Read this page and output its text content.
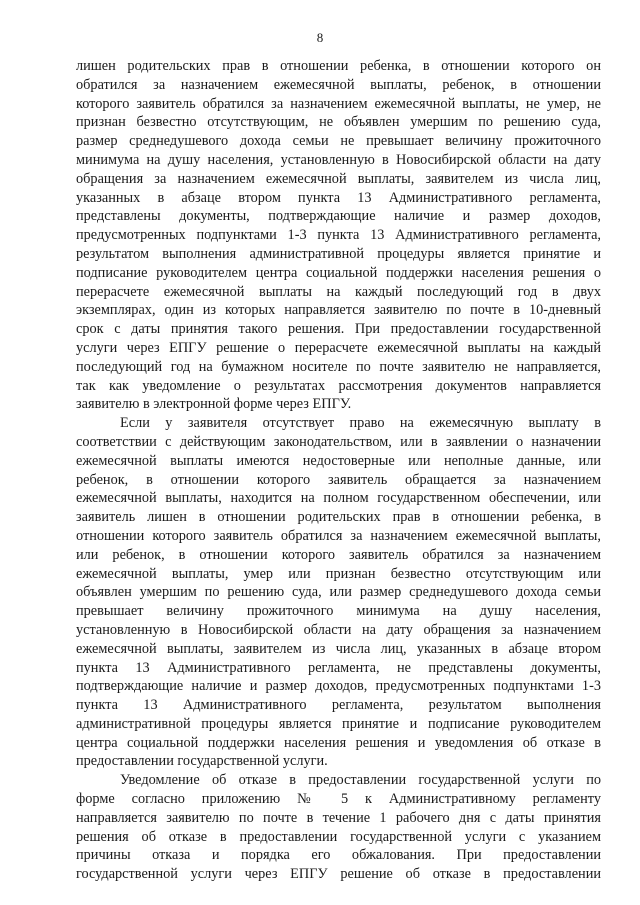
8
лишен родительских прав в отношении ребенка, в отношении которого он
обратился за назначением ежемесячной выплаты, ребенок, в отношении
которого заявитель обратился за назначением ежемесячной выплаты, не умер, не
признан безвестно отсутствующим, не объявлен умершим по решению суда,
размер среднедушевого дохода семьи не превышает величину прожиточного
минимума на душу населения, установленную в Новосибирской области на дату
обращения за назначением ежемесячной выплаты, заявителем из числа лиц,
указанных в абзаце втором пункта 13 Административного регламента,
представлены документы, подтверждающие наличие и размер доходов,
предусмотренных подпунктами 1-3 пункта 13 Административного регламента,
результатом выполнения административной процедуры является принятие и
подписание руководителем центра социальной поддержки населения решения о
перерасчете ежемесячной выплаты на каждый последующий год в двух
экземплярах, один из которых направляется заявителю по почте в 10-дневный
срок с даты принятия такого решения. При предоставлении государственной
услуги через ЕПГУ решение о перерасчете ежемесячной выплаты на каждый
последующий год на бумажном носителе по почте заявителю не направляется,
так как уведомление о результатах рассмотрения документов направляется
заявителю в электронной форме через ЕПГУ.
Если у заявителя отсутствует право на ежемесячную выплату в
соответствии с действующим законодательством, или в заявлении о назначении
ежемесячной выплаты имеются недостоверные или неполные данные, или
ребенок, в отношении которого заявитель обращается за назначением
ежемесячной выплаты, находится на полном государственном обеспечении, или
заявитель лишен в отношении родительских прав в отношении ребенка, в
отношении которого заявитель обратился за назначением ежемесячной выплаты,
или ребенок, в отношении которого заявитель обратился за назначением
ежемесячной выплаты, умер или признан безвестно отсутствующим или
объявлен умершим по решению суда, или размер среднедушевого дохода семьи
превышает величину прожиточного минимума на душу населения,
установленную в Новосибирской области на дату обращения за назначением
ежемесячной выплаты, заявителем из числа лиц, указанных в абзаце втором
пункта 13 Административного регламента, не представлены документы,
подтверждающие наличие и размер доходов, предусмотренных подпунктами 1-3
пункта 13 Административного регламента, результатом выполнения
административной процедуры является принятие и подписание руководителем
центра социальной поддержки населения решения и уведомления об отказе в
предоставлении государственной услуги.
Уведомление об отказе в предоставлении государственной услуги по
форме согласно приложению № 5 к Административному регламенту
направляется заявителю по почте в течение 1 рабочего дня с даты принятия
решения об отказе в предоставлении государственной услуги с указанием
причины отказа и порядка его обжалования. При предоставлении
государственной услуги через ЕПГУ решение об отказе в предоставлении
